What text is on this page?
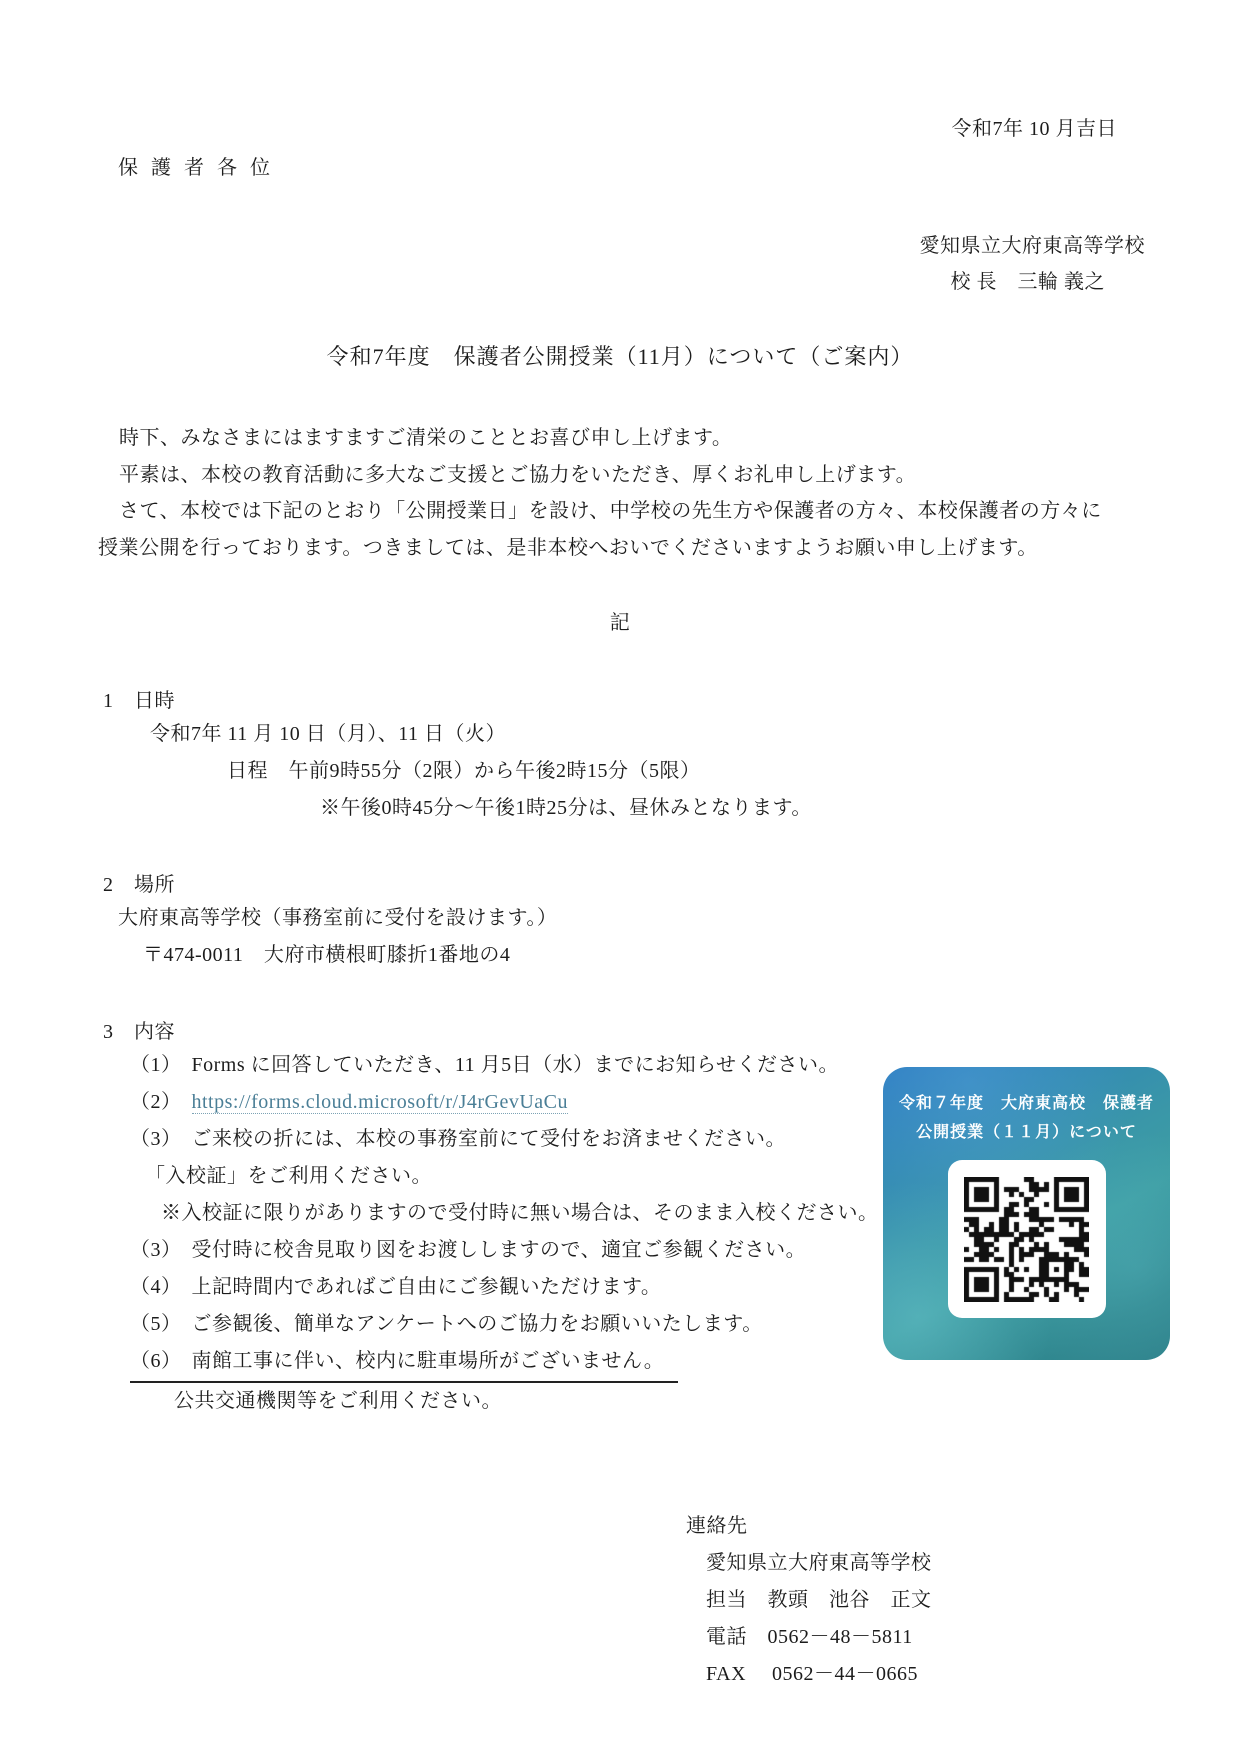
令和7年 10 月吉日
保 護 者 各 位
愛知県立大府東高等学校
校 長　三輪 義之
令和7年度　保護者公開授業（11月）について（ご案内）

時下、みなさまにはますますご清栄のこととお喜び申し上げます。

平素は、本校の教育活動に多大なご支援とご協力をいただき、厚くお礼申し上げます。

さて、本校では下記のとおり「公開授業日」を設け、中学校の先生方や保護者の方々、本校保護者の方々に

授業公開を行っております。つきましては、是非本校へおいでくださいますようお願い申し上げます。

記
1　日時
令和7年 11 月 10 日（月）、11 日（火）
日程　午前9時55分（2限）から午後2時15分（5限）
※午後0時45分～午後1時25分は、昼休みとなります。
2　場所
大府東高等学校（事務室前に受付を設けます。）
〒474-0011　大府市横根町膝折1番地の4
3　内容
（1） Forms に回答していただき、11 月5日（水）までにお知らせください。
（2） https://forms.cloud.microsoft/r/J4rGevUaCu
（3） ご来校の折には、本校の事務室前にて受付をお済ませください。
「入校証」をご利用ください。
※入校証に限りがありますので受付時に無い場合は、そのまま入校ください。
（3） 受付時に校舎見取り図をお渡ししますので、適宜ご参観ください。
（4） 上記時間内であればご自由にご参観いただけます。
（5） ご参観後、簡単なアンケートへのご協力をお願いいたします。
（6） 南館工事に伴い、校内に駐車場所がございません。
公共交通機関等をご利用ください。
連絡先
愛知県立大府東高等学校
担当　教頭　池谷　正文
電話　0562－48－5811
FAX　 0562－44－0665
令和７年度　大府東高校　保護者
公開授業（１１月）について
